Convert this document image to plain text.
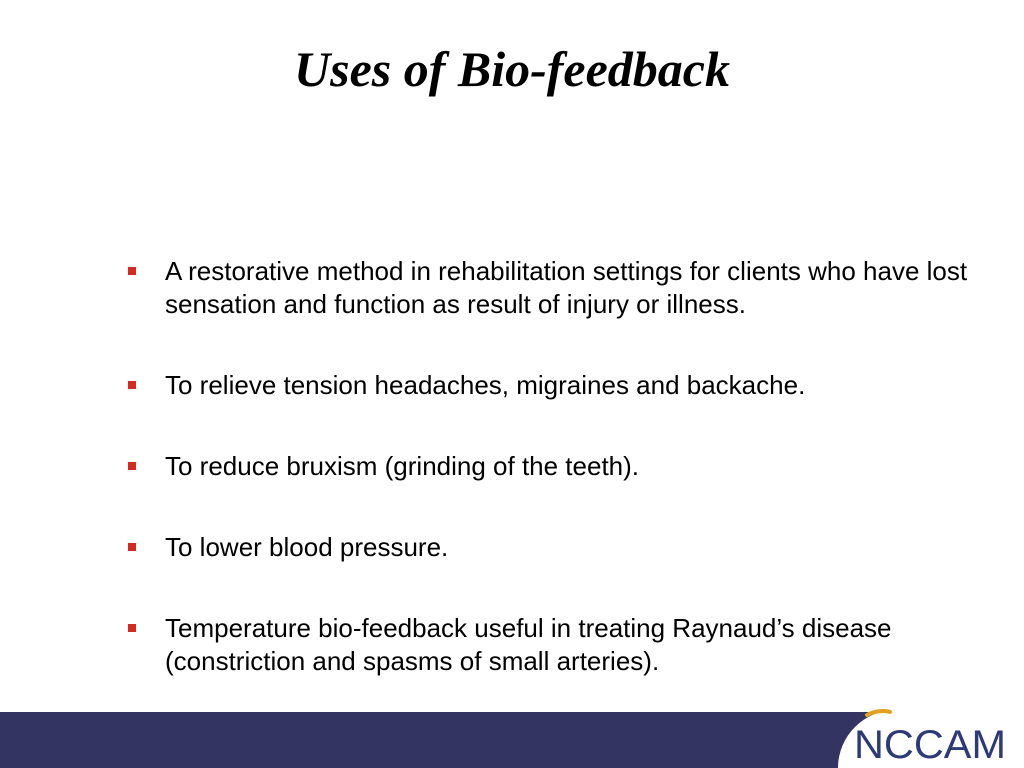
Uses of Bio-feedback
A restorative method in rehabilitation settings for clients who have lost sensation and function as result of injury or illness.
To relieve tension headaches, migraines and backache.
To reduce bruxism (grinding of the teeth).
To lower blood pressure.
Temperature bio-feedback useful in treating Raynaud’s disease (constriction and spasms of small arteries).
NCCAM
